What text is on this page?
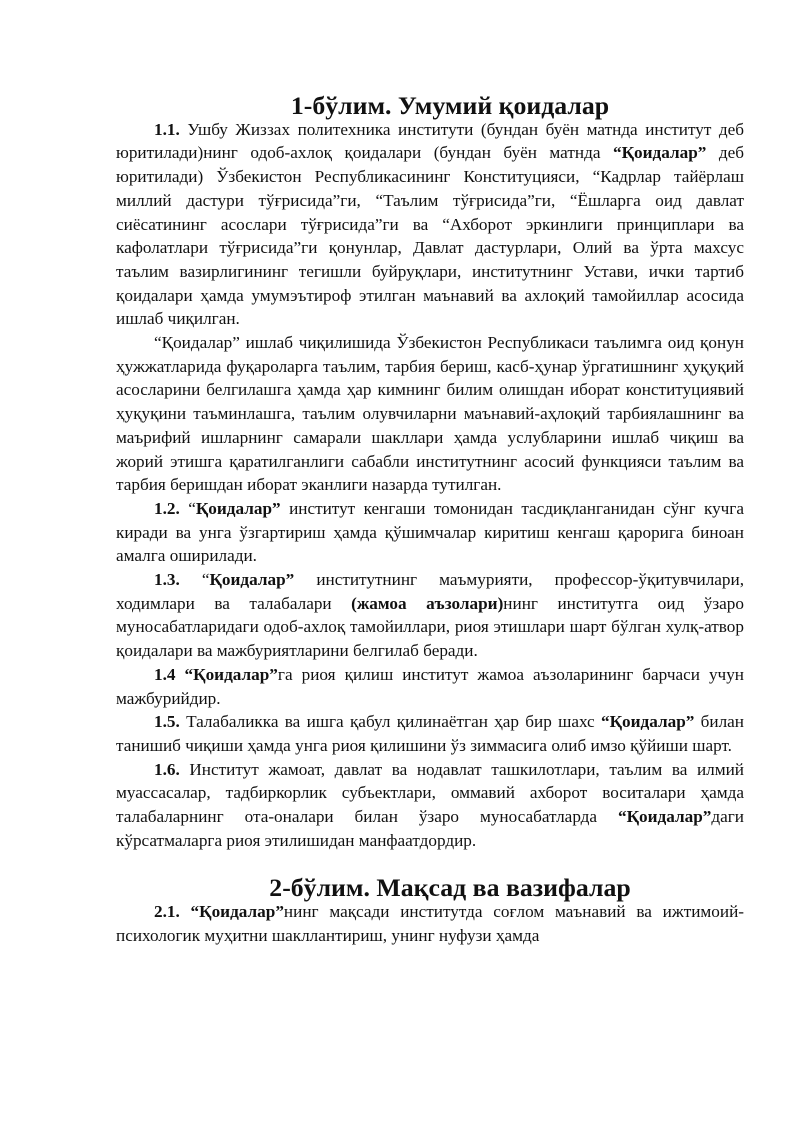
1-бўлим. Умумий қоидалар

1.1. Ушбу Жиззах политехника институти (бундан буён матнда институт деб юритилади)нинг одоб-ахлоқ қоидалари (бундан буён матнда “Қоидалар” деб юритилади) Ўзбекистон Республикасининг Конституцияси, “Кадрлар тайёрлаш миллий дастури тўғрисида”ги, “Таълим тўғрисида”ги, “Ёшларга оид давлат сиёсатининг асослари тўғрисида”ги ва “Ахборот эркинлиги принциплари ва кафолатлари тўғрисида”ги қонунлар, Давлат дастурлари, Олий ва ўрта махсус таълим вазирлигининг тегишли буйруқлари, институтнинг Устави, ички тартиб қоидалари ҳамда умумэътироф этилган маънавий ва ахлоқий тамойиллар асосида ишлаб чиқилган.

“Қоидалар” ишлаб чиқилишида Ўзбекистон Республикаси таълимга оид қонун ҳужжатларида фуқароларга таълим, тарбия бериш, касб-ҳунар ўргатишнинг ҳуқуқий асосларини белгилашга ҳамда ҳар кимнинг билим олишдан иборат конституциявий ҳуқуқини таъминлашга, таълим олувчиларни маънавий-аҳлоқий тарбиялашнинг ва маърифий ишларнинг самарали шакллари ҳамда услубларини ишлаб чиқиш ва жорий этишга қаратилганлиги сабабли институтнинг асосий функцияси таълим ва тарбия беришдан иборат эканлиги назарда тутилган.

1.2. “Қоидалар” институт кенгаши томонидан тасдиқланганидан сўнг кучга киради ва унга ўзгартириш ҳамда қўшимчалар киритиш кенгаш қарорига биноан амалга оширилади.

1.3. “Қоидалар” институтнинг маъмурияти, профессор-ўқитувчилари, ходимлари ва талабалари (жамоа аъзолари)нинг институтга оид ўзаро муносабатларидаги одоб-ахлоқ тамойиллари, риоя этишлари шарт бўлган хулқ-атвор қоидалари ва мажбуриятларини белгилаб беради.

1.4 “Қоидалар”га риоя қилиш институт жамоа аъзоларининг барчаси учун мажбурийдир.

1.5. Талабаликка ва ишга қабул қилинаётган ҳар бир шахс “Қоидалар” билан танишиб чиқиши ҳамда унга риоя қилишини ўз зиммасига олиб имзо қўйиши шарт.

1.6. Институт жамоат, давлат ва нодавлат ташкилотлари, таълим ва илмий муассасалар, тадбиркорлик субъектлари, оммавий ахборот воситалари ҳамда талабаларнинг ота-оналари билан ўзаро муносабатларда “Қоидалар”даги кўрсатмаларга риоя этилишидан манфаатдордир.

2-бўлим. Мақсад ва вазифалар

2.1. “Қоидалар”нинг мақсади институтда соғлом маънавий ва ижтимоий-психологик муҳитни шакллантириш, унинг нуфузи ҳамда
